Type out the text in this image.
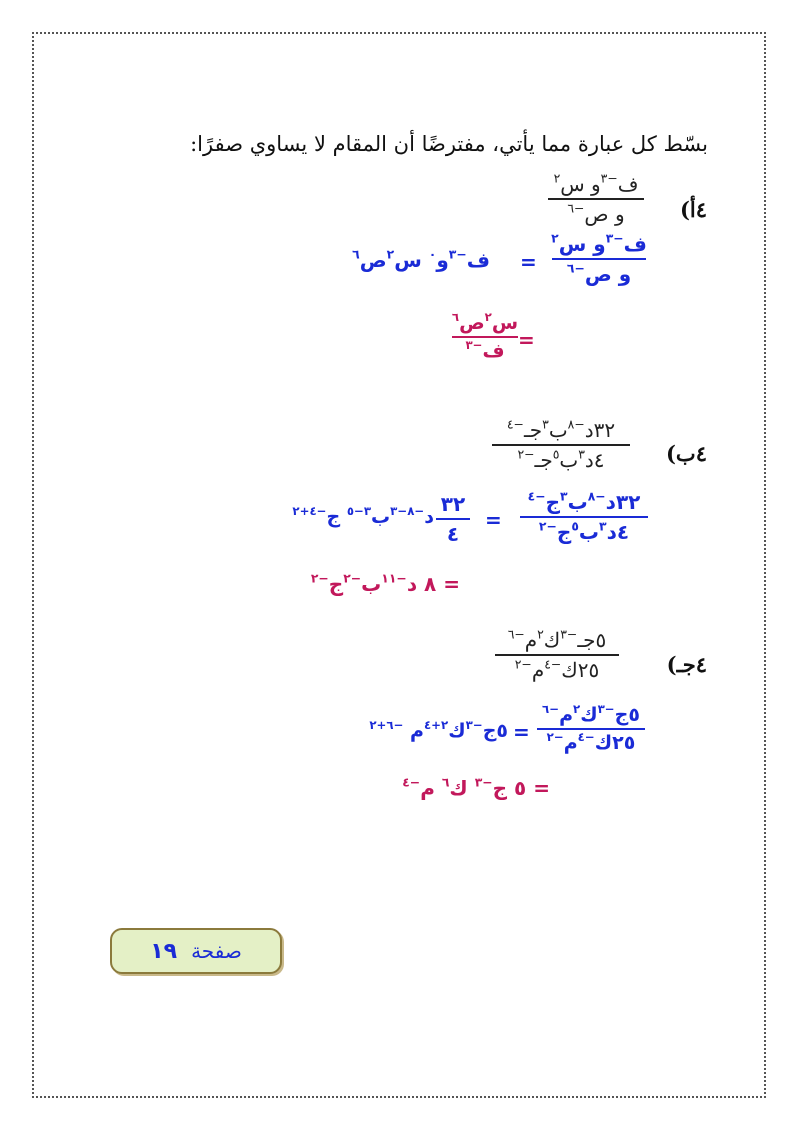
بسّط كل عبارة مما يأتي، مفترضًا أن المقام لا يساوي صفرًا:
٤أ)
ف$^{-٣}$و س$^٢$
و ص$^{-٦}$
ف$^{-٣}$و س$^٢$
و ص$^{-٦}$
=
ف$^{-٣}$و$^٠$ س$^٢$ص$^٦$
=
س$^٢$ص$^٦$
ف$^{-٣}$
٤ب)
٣٢د$^{-٨}$ب$^٣$جـ$^{-٤}$
٤د$^٣$ب$^٥$جـ$^{-٢}$
٣٢د$^{-٨}$ب$^٣$ج$^{-٤}$
٤د$^٣$ب$^٥$ج$^{-٢}$
=
٣٢
٤
د$^{-٨-٣}$ب$^{٣-٥}$ ج$^{-٤+٢}$
= ٨ د$^{-١١}$ب$^{-٢}$ج$^{-٢}$
٤جـ)
٥جـ$^{-٣}$ك$^٢$م$^{-٦}$
٢٥ك$^{-٤}$م$^{-٢}$
٥ج$^{-٣}$ك$^٢$م$^{-٦}$
٢٥ك$^{-٤}$م$^{-٢}$
=
٥ج$^{-٣}$ك$^{٢+٤}$م $^{-٦+٢}$
= ٥ ج$^{-٣}$ ك$^٦$ م$^{-٤}$
صفحة
١٩
